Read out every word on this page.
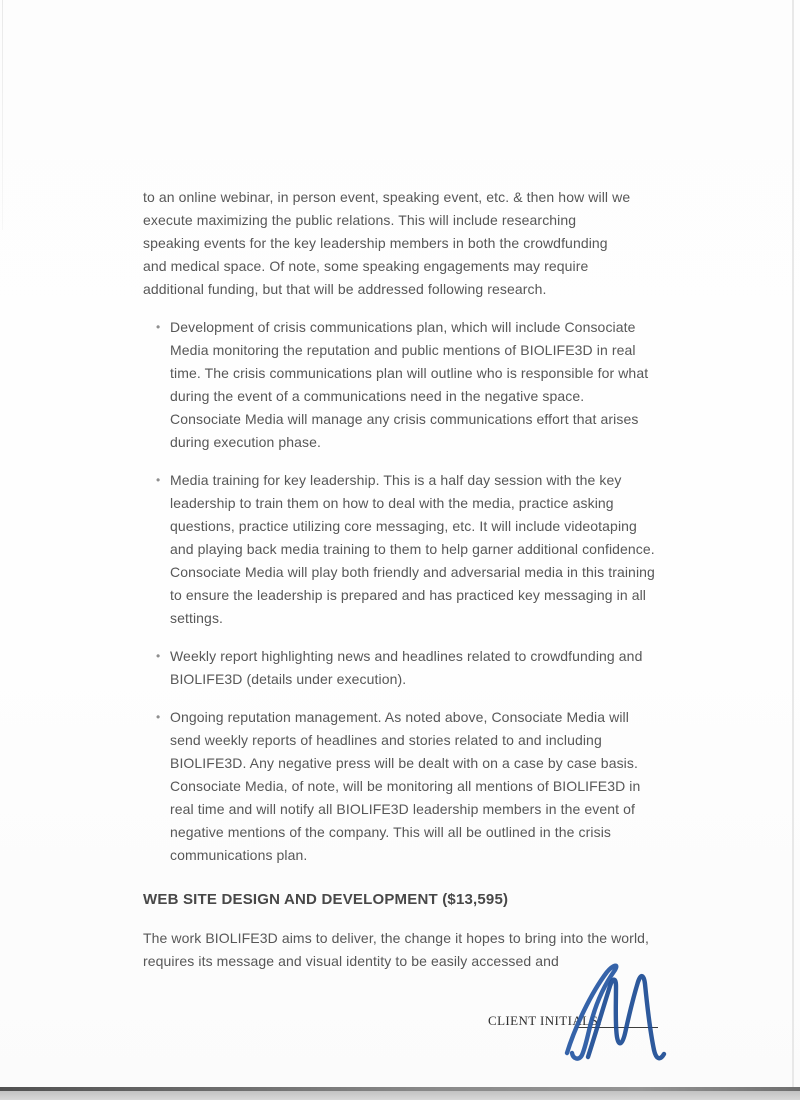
to an online webinar, in person event, speaking event, etc. & then how will we execute maximizing the public relations. This will include researching speaking events for the key leadership members in both the crowdfunding and medical space. Of note, some speaking engagements may require additional funding, but that will be addressed following research.

• Development of crisis communications plan, which will include Consociate Media monitoring the reputation and public mentions of BIOLIFE3D in real time. The crisis communications plan will outline who is responsible for what during the event of a communications need in the negative space. Consociate Media will manage any crisis communications effort that arises during execution phase.
• Media training for key leadership. This is a half day session with the key leadership to train them on how to deal with the media, practice asking questions, practice utilizing core messaging, etc. It will include videotaping and playing back media training to them to help garner additional confidence. Consociate Media will play both friendly and adversarial media in this training to ensure the leadership is prepared and has practiced key messaging in all settings.
• Weekly report highlighting news and headlines related to crowdfunding and BIOLIFE3D (details under execution).
• Ongoing reputation management. As noted above, Consociate Media will send weekly reports of headlines and stories related to and including BIOLIFE3D. Any negative press will be dealt with on a case by case basis. Consociate Media, of note, will be monitoring all mentions of BIOLIFE3D in real time and will notify all BIOLIFE3D leadership members in the event of negative mentions of the company. This will all be outlined in the crisis communications plan.
WEB SITE DESIGN AND DEVELOPMENT ($13,595)

The work BIOLIFE3D aims to deliver, the change it hopes to bring into the world, requires its message and visual identity to be easily accessed and

CLIENT INITIALS:
